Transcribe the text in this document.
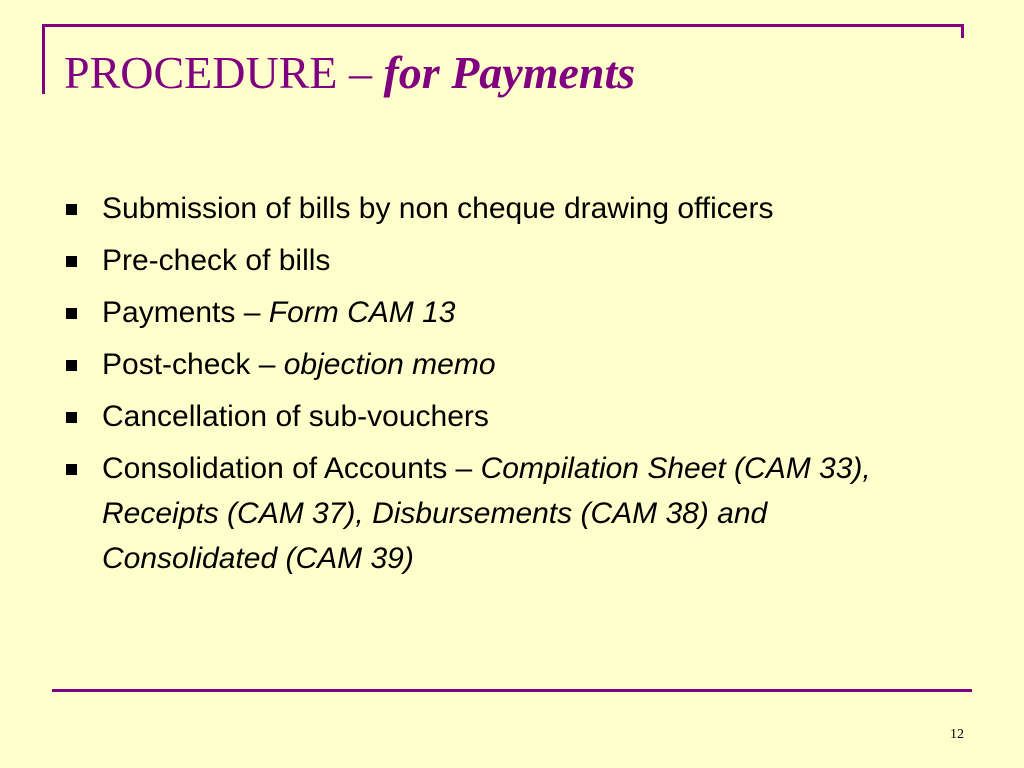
PROCEDURE – for Payments
Submission of bills by non cheque drawing officers
Pre-check of bills
Payments – Form CAM 13
Post-check – objection memo
Cancellation of sub-vouchers
Consolidation of Accounts – Compilation Sheet (CAM 33), Receipts (CAM 37), Disbursements (CAM 38) and Consolidated (CAM 39)
12
